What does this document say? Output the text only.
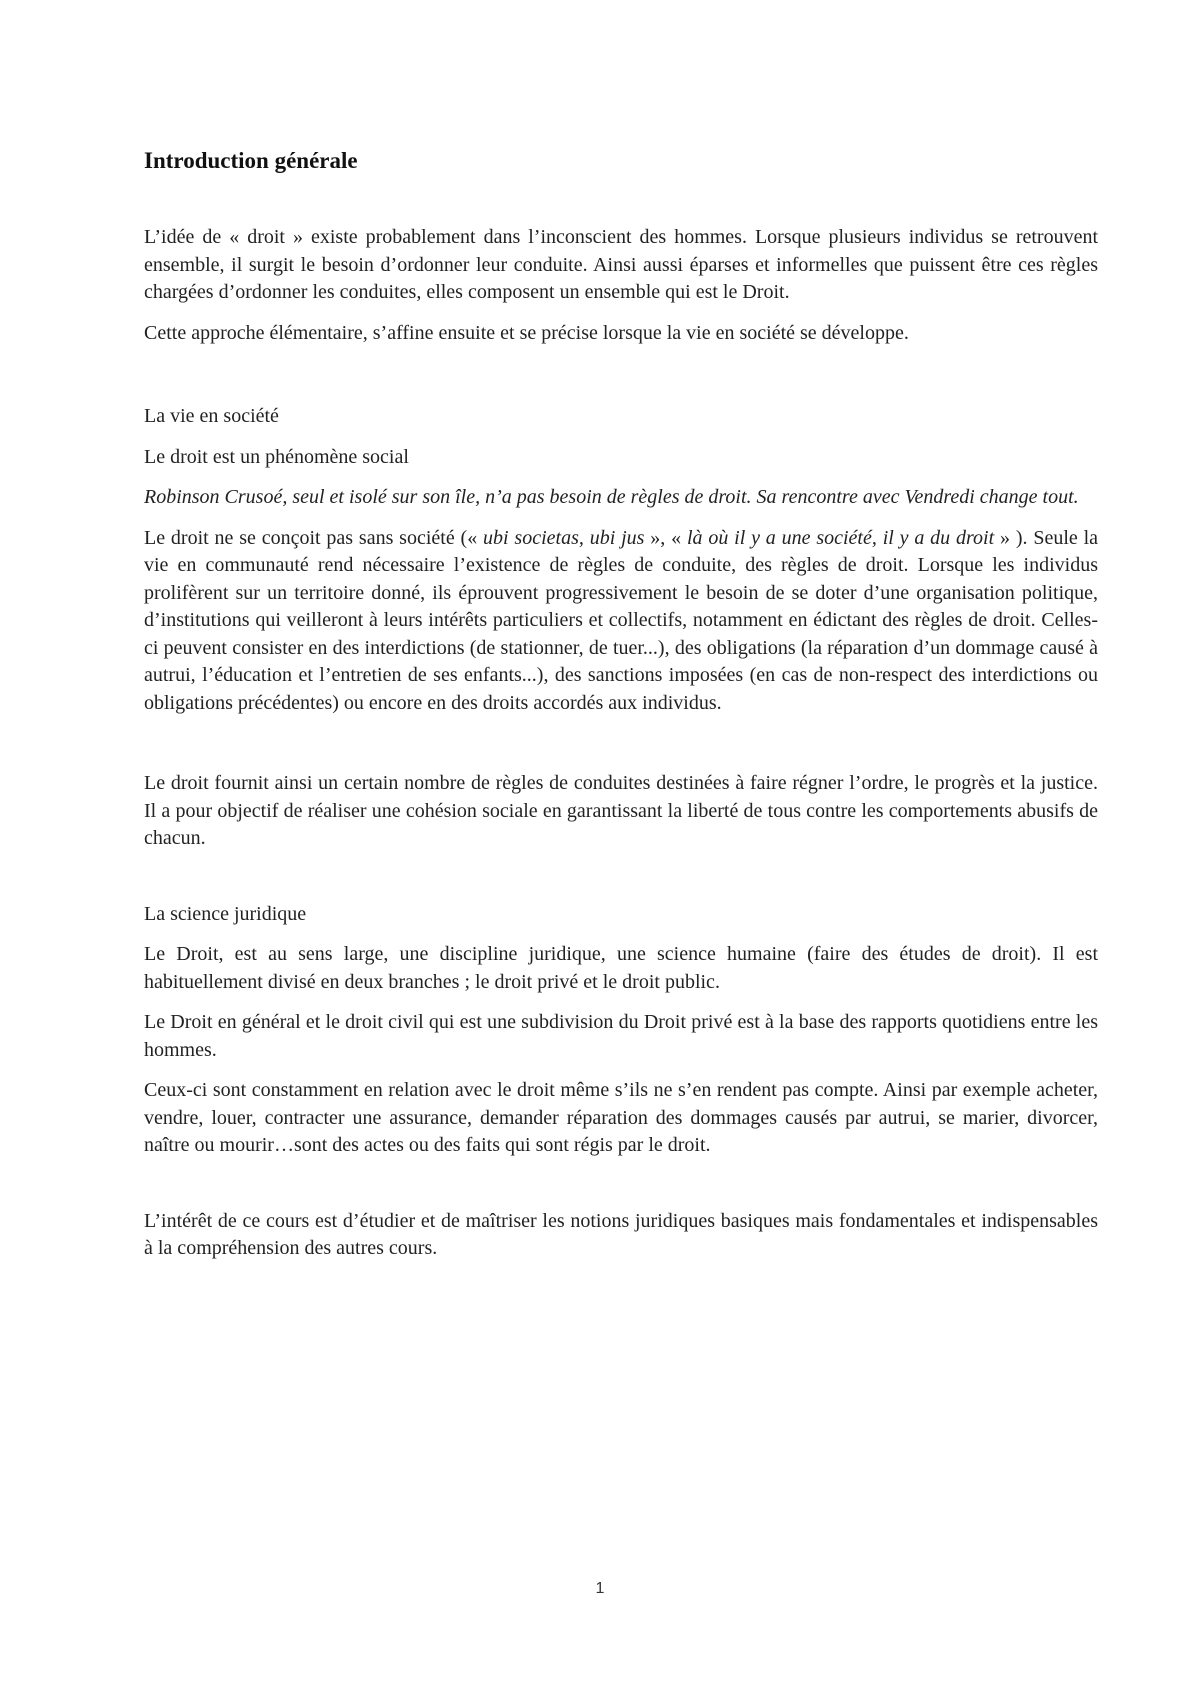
Introduction générale

L’idée de « droit » existe probablement dans l’inconscient des hommes. Lorsque plusieurs individus se retrouvent ensemble, il surgit le besoin d’ordonner leur conduite. Ainsi aussi éparses et informelles que puissent être ces règles chargées d’ordonner les conduites, elles composent un ensemble qui est le Droit.

Cette approche élémentaire, s’affine ensuite et se précise lorsque la vie en société se développe.

La vie en société

Le droit est un phénomène social

Robinson Crusoé, seul et isolé sur son île, n’a pas besoin de règles de droit. Sa rencontre avec Vendredi change tout.

Le droit ne se conçoit pas sans société (« ubi societas, ubi jus », « là où il y a une société, il y a du droit » ). Seule la vie en communauté rend nécessaire l’existence de règles de conduite, des règles de droit. Lorsque les individus prolifèrent sur un territoire donné, ils éprouvent progressivement le besoin de se doter d’une organisation politique, d’institutions qui veilleront à leurs intérêts particuliers et collectifs, notamment en édictant des règles de droit. Celles-ci peuvent consister en des interdictions (de stationner, de tuer...), des obligations (la réparation d’un dommage causé à autrui, l’éducation et l’entretien de ses enfants...), des sanctions imposées (en cas de non-respect des interdictions ou obligations précédentes) ou encore en des droits accordés aux individus.

Le droit fournit ainsi un certain nombre de règles de conduites destinées à faire régner l’ordre, le progrès et la justice. Il a pour objectif de réaliser une cohésion sociale en garantissant la liberté de tous contre les comportements abusifs de chacun.

La science juridique

Le Droit, est au sens large, une discipline juridique, une science humaine (faire des études de droit). Il est habituellement divisé en deux branches ; le droit privé et le droit public.

Le Droit en général et le droit civil qui est une subdivision du Droit privé est à la base des rapports quotidiens entre les hommes.

Ceux-ci sont constamment en relation avec le droit même s’ils ne s’en rendent pas compte. Ainsi par exemple acheter, vendre, louer, contracter une assurance, demander réparation des dommages causés par autrui, se marier, divorcer, naître ou mourir…sont des actes ou des faits qui sont régis par le droit.

L’intérêt de ce cours est d’étudier et de maîtriser les notions juridiques basiques mais fondamentales et indispensables à la compréhension des autres cours.

1
